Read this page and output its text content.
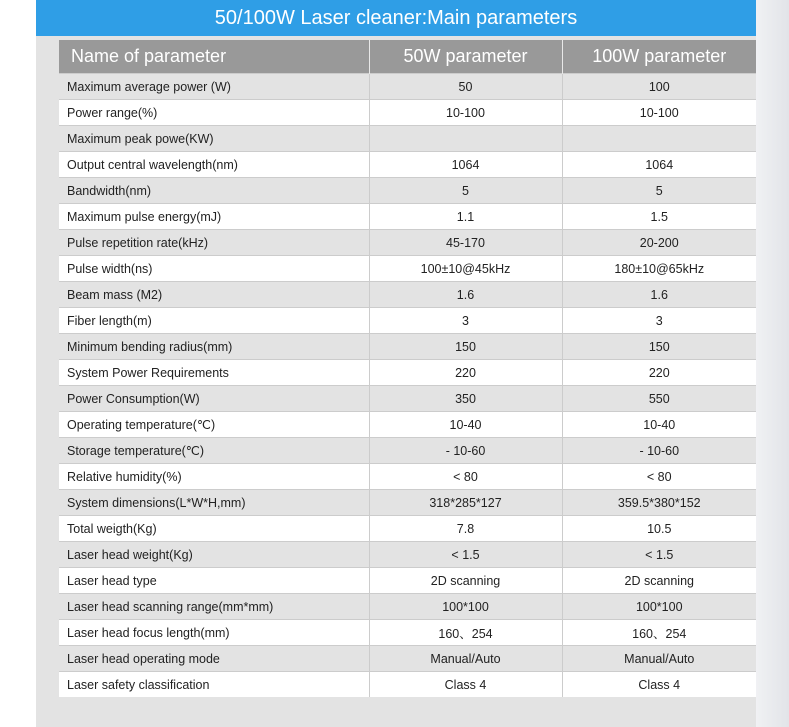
50/100W Laser cleaner:Main parameters
Name of parameter	50W parameter	100W parameter
Maximum average power (W)	50	100
Power range(%)	10-100	10-100
Maximum peak powe(KW)		
Output central wavelength(nm)	1064	1064
Bandwidth(nm)	5	5
Maximum pulse energy(mJ)	1.1	1.5
Pulse repetition rate(kHz)	45-170	20-200
Pulse width(ns)	100±10@45kHz	180±10@65kHz
Beam mass (M2)	1.6	1.6
Fiber length(m)	3	3
Minimum bending radius(mm)	150	150
System Power Requirements	220	220
Power Consumption(W)	350	550
Operating temperature(℃)	10-40	10-40
Storage temperature(℃)	- 10-60	- 10-60
Relative humidity(%)	< 80	< 80
System dimensions(L*W*H,mm)	318*285*127	359.5*380*152
Total weigth(Kg)	7.8	10.5
Laser head weight(Kg)	< 1.5	< 1.5
Laser head type	2D scanning	2D scanning
Laser head scanning range(mm*mm)	100*100	100*100
Laser head focus length(mm)	160、254	160、254
Laser head operating mode	Manual/Auto	Manual/Auto
Laser safety classification	Class 4	Class 4
